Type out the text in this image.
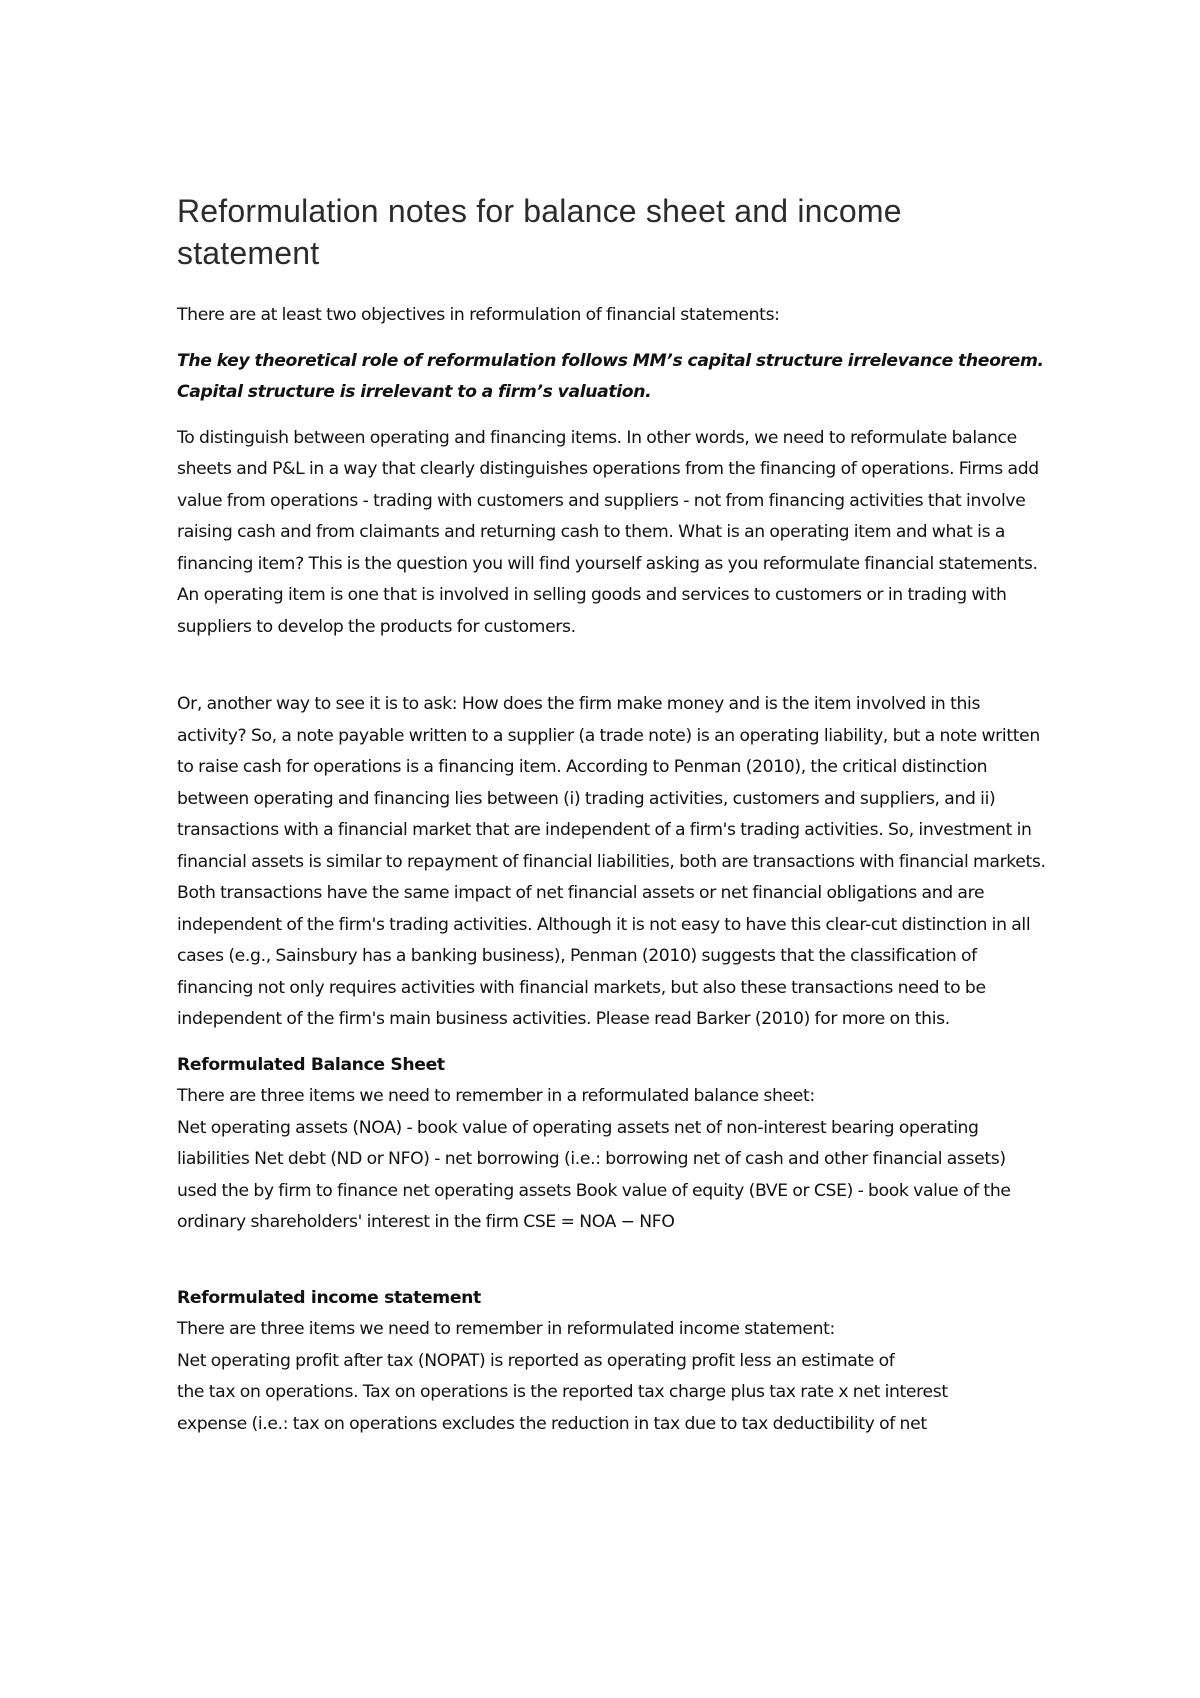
Reformulation notes for balance sheet and income statement

There are at least two objectives in reformulation of financial statements:

The key theoretical role of reformulation follows MM’s capital structure irrelevance theorem. Capital structure is irrelevant to a firm’s valuation.

To distinguish between operating and financing items. In other words, we need to reformulate balance sheets and P&L in a way that clearly distinguishes operations from the financing of operations. Firms add value from operations - trading with customers and suppliers - not from financing activities that involve raising cash and from claimants and returning cash to them. What is an operating item and what is a financing item? This is the question you will find yourself asking as you reformulate financial statements. An operating item is one that is involved in selling goods and services to customers or in trading with suppliers to develop the products for customers.

Or, another way to see it is to ask: How does the firm make money and is the item involved in this activity? So, a note payable written to a supplier (a trade note) is an operating liability, but a note written to raise cash for operations is a financing item. According to Penman (2010), the critical distinction between operating and financing lies between (i) trading activities, customers and suppliers, and ii) transactions with a financial market that are independent of a firm's trading activities. So, investment in financial assets is similar to repayment of financial liabilities, both are transactions with financial markets. Both transactions have the same impact of net financial assets or net financial obligations and are independent of the firm's trading activities. Although it is not easy to have this clear-cut distinction in all cases (e.g., Sainsbury has a banking business), Penman (2010) suggests that the classification of financing not only requires activities with financial markets, but also these transactions need to be independent of the firm's main business activities. Please read Barker (2010) for more on this.

Reformulated Balance Sheet

There are three items we need to remember in a reformulated balance sheet:

Net operating assets (NOA) - book value of operating assets net of non-interest bearing operating liabilities Net debt (ND or NFO) - net borrowing (i.e.: borrowing net of cash and other financial assets) used the by firm to finance net operating assets Book value of equity (BVE or CSE) - book value of the ordinary shareholders' interest in the firm CSE = NOA − NFO

Reformulated income statement

There are three items we need to remember in reformulated income statement:

Net operating profit after tax (NOPAT) is reported as operating profit less an estimate of

the tax on operations. Tax on operations is the reported tax charge plus tax rate x net interest

expense (i.e.: tax on operations excludes the reduction in tax due to tax deductibility of net
